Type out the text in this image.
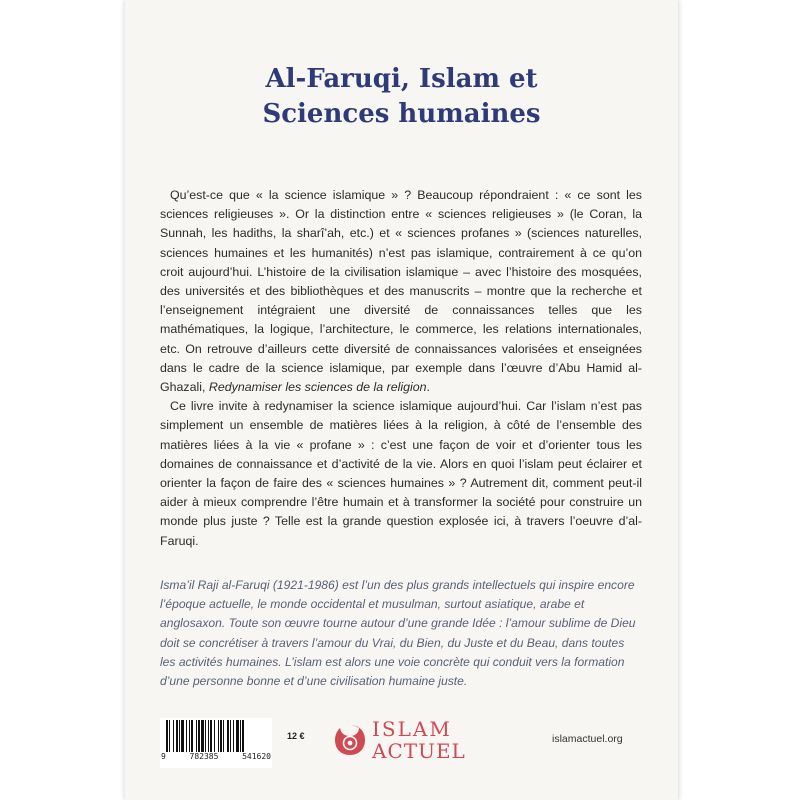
Al-Faruqi, Islam et
Sciences humaines

Qu’est-ce que « la science islamique » ? Beaucoup répondraient : « ce sont les sciences religieuses ». Or la distinction entre « sciences religieuses » (le Coran, la Sunnah, les hadiths, la sharî’ah, etc.) et « sciences profanes » (sciences naturelles, sciences humaines et les humanités) n’est pas islamique, contrairement à ce qu’on croit aujourd’hui. L’histoire de la civilisation islamique – avec l’histoire des mosquées, des universités et des bibliothèques et des manuscrits – montre que la recherche et l’enseignement intégraient une diversité de connaissances telles que les mathématiques, la logique, l’architecture, le commerce, les relations internationales, etc. On retrouve d’ailleurs cette diversité de connaissances valorisées et enseignées dans le cadre de la science islamique, par exemple dans l’œuvre d’Abu Hamid al-Ghazali, Redynamiser les sciences de la religion.

Ce livre invite à redynamiser la science islamique aujourd’hui. Car l’islam n’est pas simplement un ensemble de matières liées à la religion, à côté de l’ensemble des matières liées à la vie « profane » : c’est une façon de voir et d’orienter tous les domaines de connaissance et d’activité de la vie. Alors en quoi l’islam peut éclairer et orienter la façon de faire des « sciences humaines » ? Autrement dit, comment peut-il aider à mieux comprendre l’être humain et à transformer la société pour construire un monde plus juste ? Telle est la grande question explosée ici, à travers l’oeuvre d’al-Faruqi.

Isma’il Raji al-Faruqi (1921-1986) est l’un des plus grands intellectuels qui inspire encore l’époque actuelle, le monde occidental et musulman, surtout asiatique, arabe et anglosaxon. Toute son œuvre tourne autour d’une grande Idée : l’amour sublime de Dieu doit se concrétiser à travers l’amour du Vrai, du Bien, du Juste et du Beau, dans toutes les activités humaines. L’islam est alors une voie concrète qui conduit vers la formation d’une personne bonne et d’une civilisation humaine juste.
9	782385	541620
12 €	ISLAM
ACTUEL	islamactuel.org
